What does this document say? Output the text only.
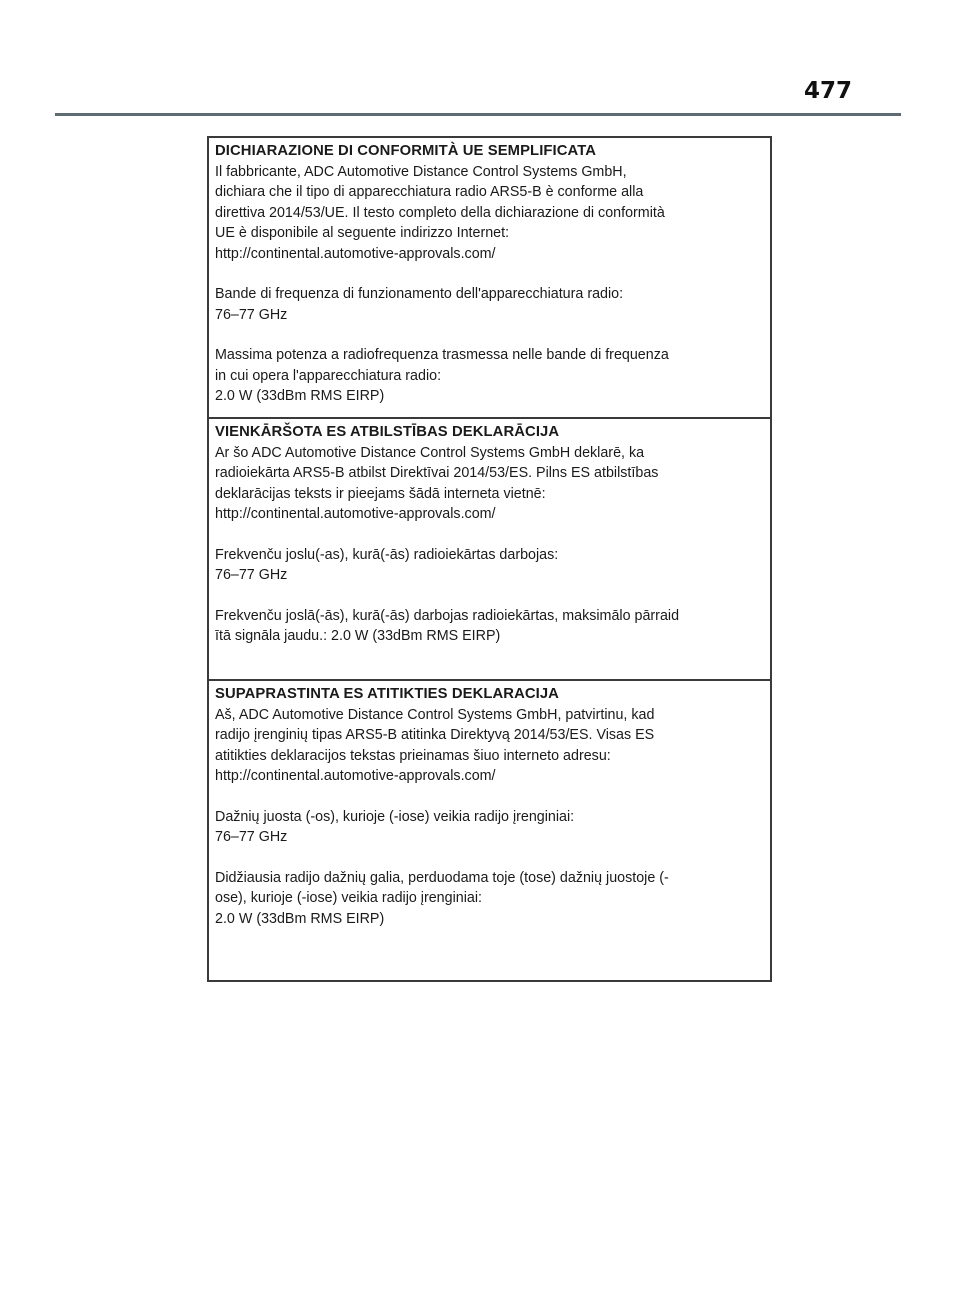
477
DICHIARAZIONE DI CONFORMITÀ UE SEMPLIFICATA
Il fabbricante, ADC Automotive Distance Control Systems GmbH,
dichiara che il tipo di apparecchiatura radio ARS5-B è conforme alla
direttiva 2014/53/UE. Il testo completo della dichiarazione di conformità
UE è disponibile al seguente indirizzo Internet:
http://continental.automotive-approvals.com/
Bande di frequenza di funzionamento dell'apparecchiatura radio:
76–77 GHz
Massima potenza a radiofrequenza trasmessa nelle bande di frequenza
in cui opera l'apparecchiatura radio:
2.0 W (33dBm RMS EIRP)
VIENKĀRŠOTA ES ATBILSTĪBAS DEKLARĀCIJA
Ar šo ADC Automotive Distance Control Systems GmbH deklarē, ka
radioiekārta ARS5-B atbilst Direktīvai 2014/53/ES. Pilns ES atbilstības
deklarācijas teksts ir pieejams šādā interneta vietnē:
http://continental.automotive-approvals.com/
Frekvenču joslu(-as), kurā(-ās) radioiekārtas darbojas:
76–77 GHz
Frekvenču joslā(-ās), kurā(-ās) darbojas radioiekārtas, maksimālo pārraid
ītā signāla jaudu.: 2.0 W (33dBm RMS EIRP)
SUPAPRASTINTA ES ATITIKTIES DEKLARACIJA
Aš, ADC Automotive Distance Control Systems GmbH, patvirtinu, kad
radijo įrenginių tipas ARS5-B atitinka Direktyvą 2014/53/ES. Visas ES
atitikties deklaracijos tekstas prieinamas šiuo interneto adresu:
http://continental.automotive-approvals.com/
Dažnių juosta (-os), kurioje (-iose) veikia radijo įrenginiai:
76–77 GHz
Didžiausia radijo dažnių galia, perduodama toje (tose) dažnių juostoje (-
ose), kurioje (-iose) veikia radijo įrenginiai:
2.0 W (33dBm RMS EIRP)
